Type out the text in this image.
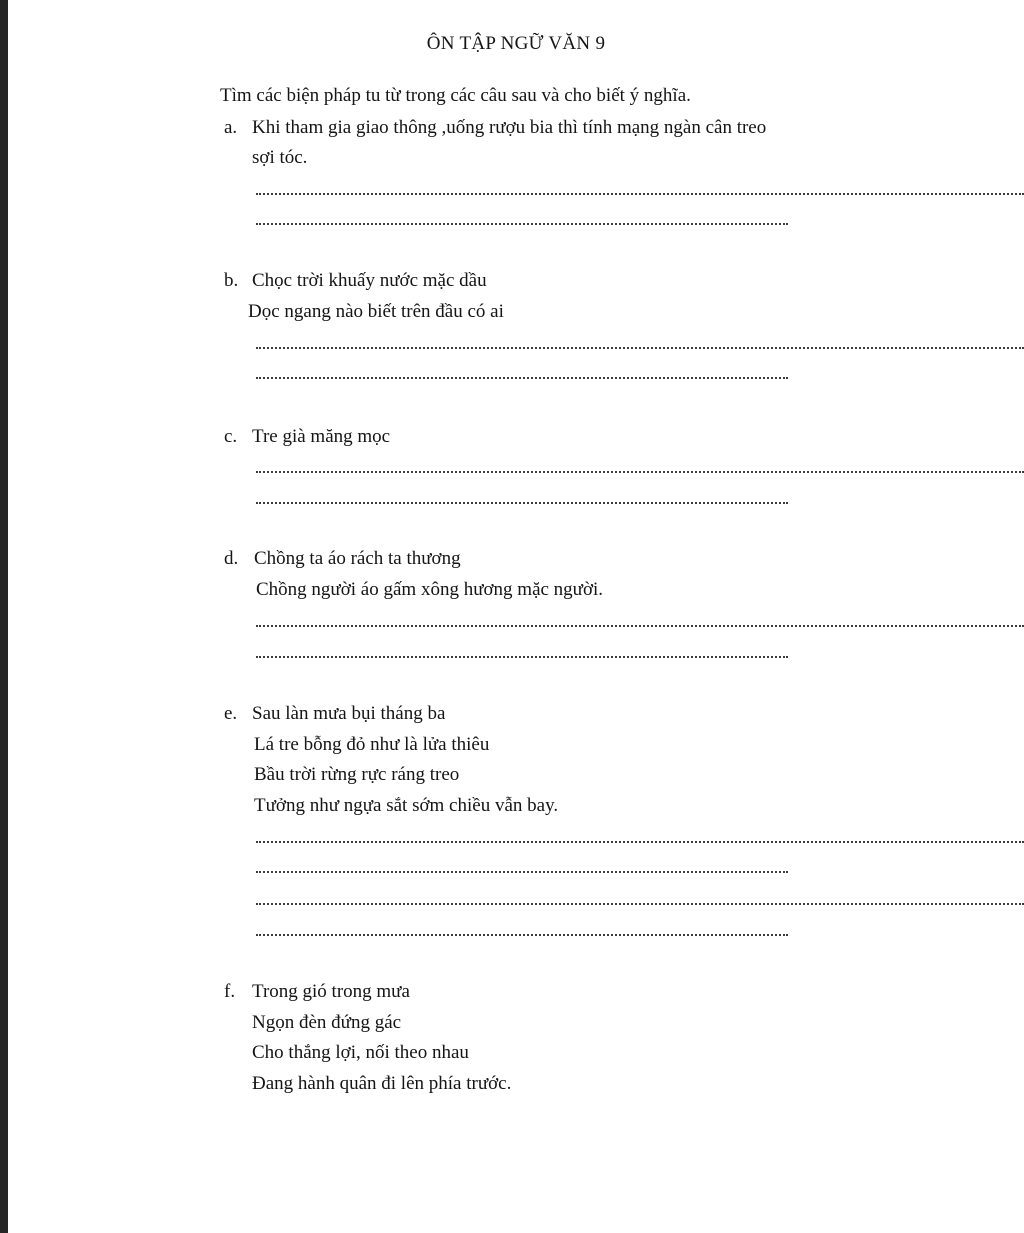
ÔN TẬP NGỮ VĂN 9

Tìm các biện pháp tu từ trong các câu sau và cho biết ý nghĩa.

a. Khi tham gia giao thông ,uống rượu bia thì tính mạng ngàn cân treo

sợi tóc.

b. Chọc trời khuấy nước mặc dầu

Dọc ngang nào biết trên đầu có ai

c. Tre già măng mọc

d. Chồng ta áo rách ta thương

Chồng người áo gấm xông hương mặc người.

e. Sau làn mưa bụi tháng ba

Lá tre bỗng đỏ như là lửa thiêu

Bầu trời rừng rực ráng treo

Tưởng như ngựa sắt sớm chiều vẫn bay.

f. Trong gió trong mưa

Ngọn đèn đứng gác

Cho thắng lợi, nối theo nhau

Đang hành quân đi lên phía trước.
